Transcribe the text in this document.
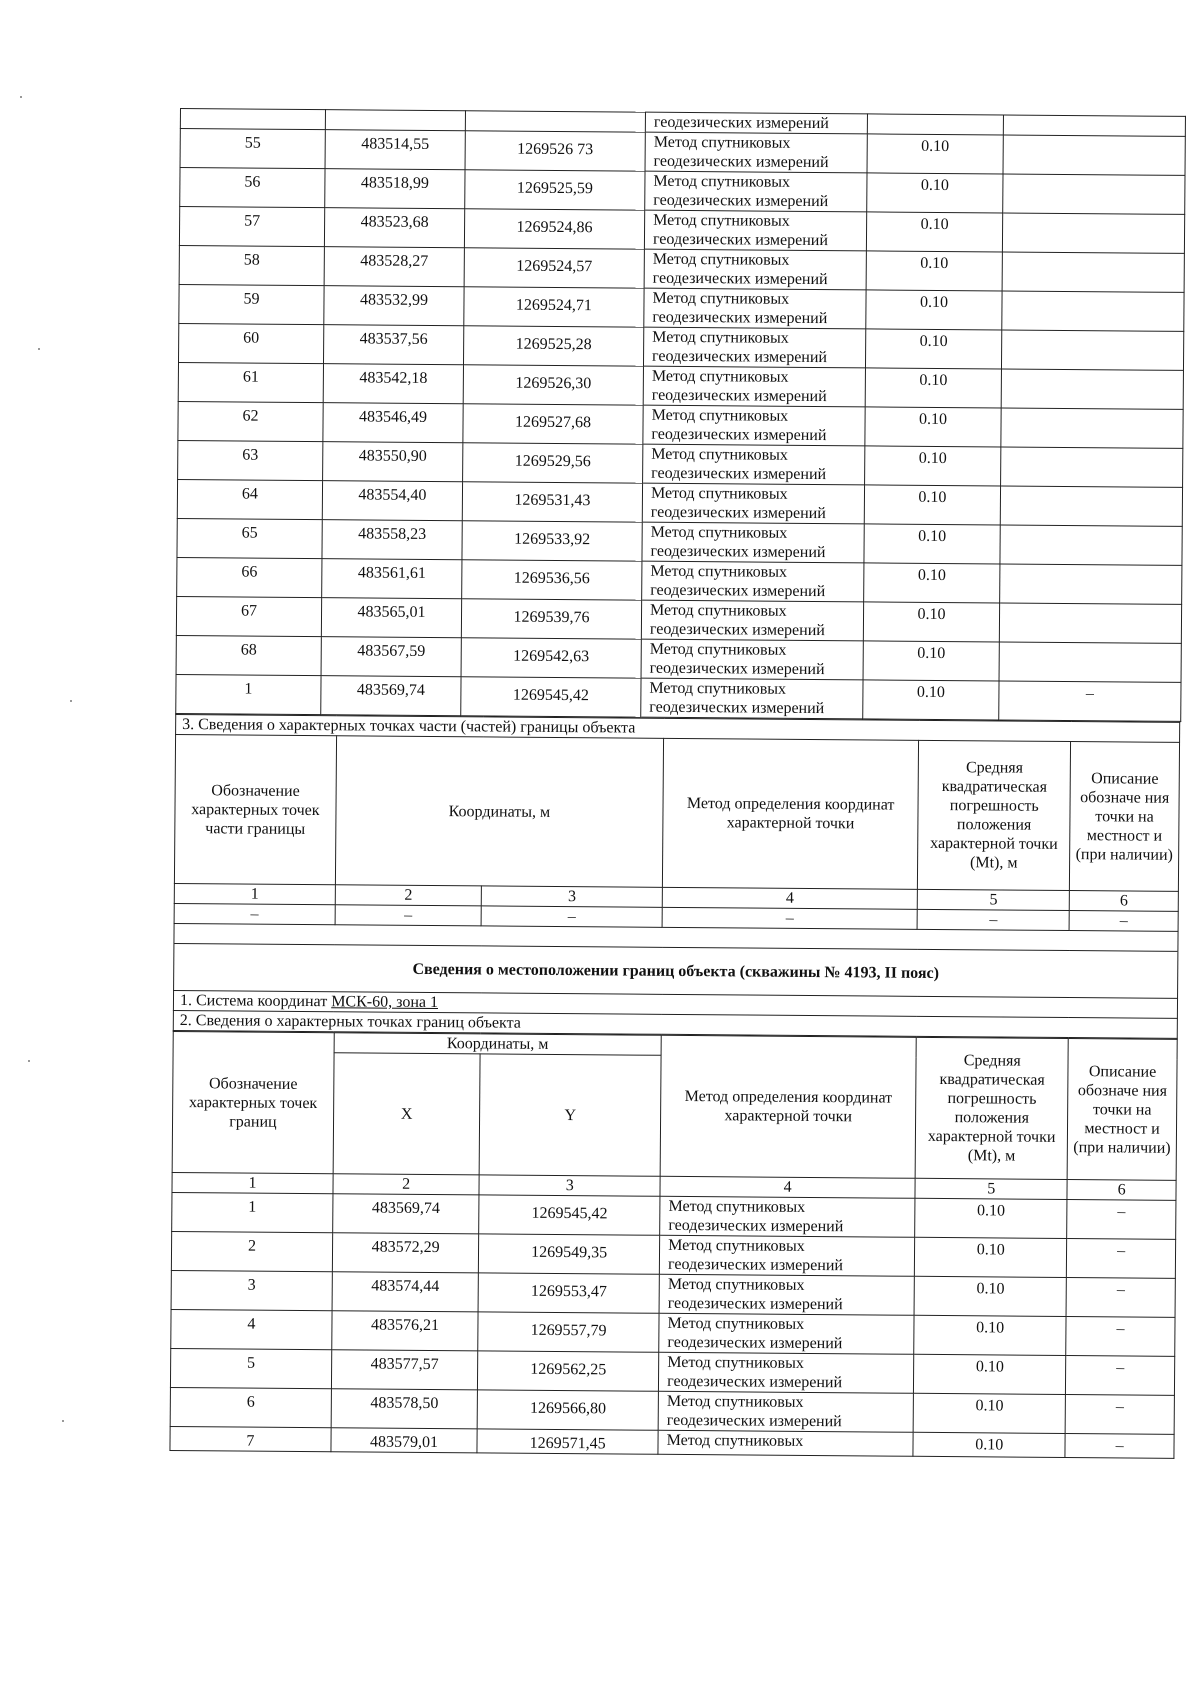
			геодезических измерений		
55	483514,55	1269526 73	Метод спутниковых
геодезических измерений	0.10	
56	483518,99	1269525,59	Метод спутниковых
геодезических измерений	0.10	
57	483523,68	1269524,86	Метод спутниковых
геодезических измерений	0.10	
58	483528,27	1269524,57	Метод спутниковых
геодезических измерений	0.10	
59	483532,99	1269524,71	Метод спутниковых
геодезических измерений	0.10	
60	483537,56	1269525,28	Метод спутниковых
геодезических измерений	0.10	
61	483542,18	1269526,30	Метод спутниковых
геодезических измерений	0.10	
62	483546,49	1269527,68	Метод спутниковых
геодезических измерений	0.10	
63	483550,90	1269529,56	Метод спутниковых
геодезических измерений	0.10	
64	483554,40	1269531,43	Метод спутниковых
геодезических измерений	0.10	
65	483558,23	1269533,92	Метод спутниковых
геодезических измерений	0.10	
66	483561,61	1269536,56	Метод спутниковых
геодезических измерений	0.10	
67	483565,01	1269539,76	Метод спутниковых
геодезических измерений	0.10	
68	483567,59	1269542,63	Метод спутниковых
геодезических измерений	0.10	
1	483569,74	1269545,42	Метод спутниковых
геодезических измерений	0.10	–
3. Сведения о характерных точках части (частей) границы объекта					
Обозначение характерных точек части границы	Координаты, м		Метод определения координат характерной точки	Средняя квадратическая погрешность положения характерной точки (Mt), м	Описание обозначе ния точки на местност и (при наличии)
1	2	3	4	5	6
–	–	–	–	–	–

Сведения о местоположении границ объекта (скважины № 4193, II пояс)					
1. Система координат МСК-60, зона 1					
2. Сведения о характерных точках границ объекта					
Обозначение характерных точек границ	Координаты, м		Метод определения координат характерной точки	Средняя квадратическая погрешность положения характерной точки (Mt), м	Описание обозначе ния точки на местност и (при наличии)
	X	Y			
1	2	3	4	5	6
1	483569,74	1269545,42	Метод спутниковых
геодезических измерений	0.10	–
2	483572,29	1269549,35	Метод спутниковых
геодезических измерений	0.10	–
3	483574,44	1269553,47	Метод спутниковых
геодезических измерений	0.10	–
4	483576,21	1269557,79	Метод спутниковых
геодезических измерений	0.10	–
5	483577,57	1269562,25	Метод спутниковых
геодезических измерений	0.10	–
6	483578,50	1269566,80	Метод спутниковых
геодезических измерений	0.10	–
7	483579,01	1269571,45	Метод спутниковых	0.10	–
